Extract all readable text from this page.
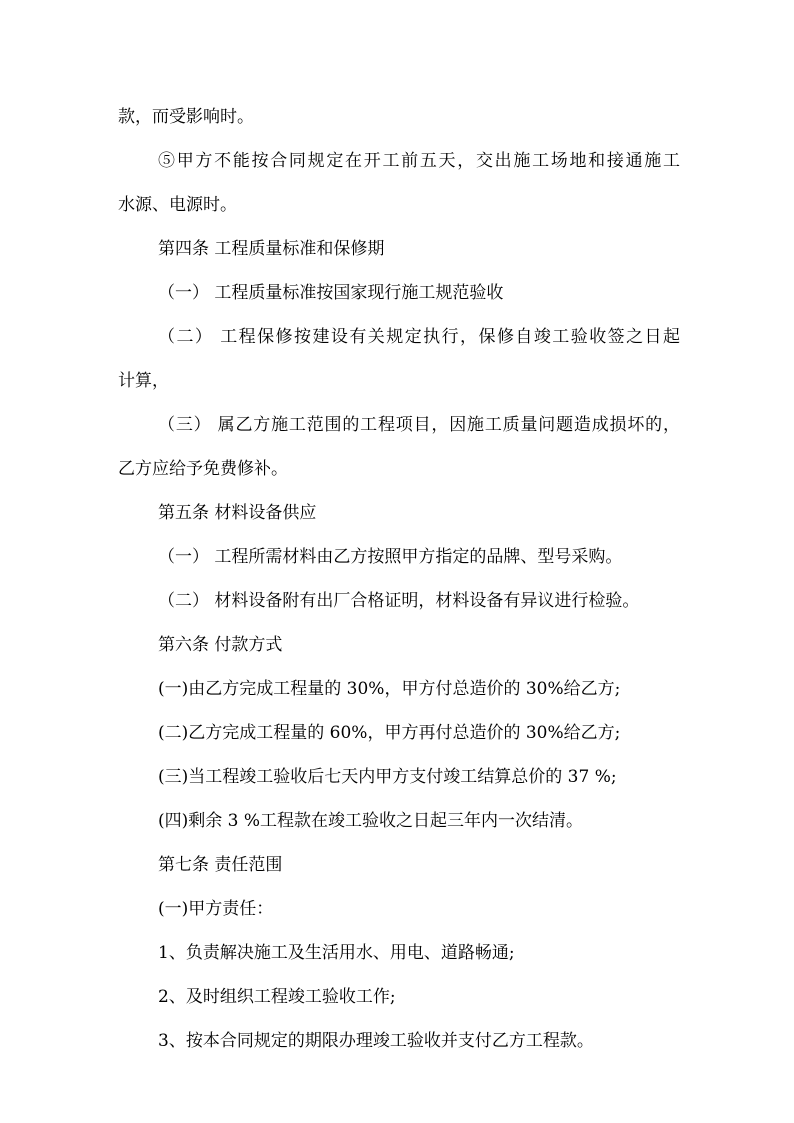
款，而受影响时。
⑤甲方不能按合同规定在开工前五天，交出施工场地和接通施工
水源、电源时。
第四条 工程质量标准和保修期
（一） 工程质量标准按国家现行施工规范验收
（二） 工程保修按建设有关规定执行，保修自竣工验收签之日起
计算，
（三） 属乙方施工范围的工程项目，因施工质量问题造成损坏的，
乙方应给予免费修补。
第五条 材料设备供应
（一） 工程所需材料由乙方按照甲方指定的品牌、型号采购。
（二） 材料设备附有出厂合格证明，材料设备有异议进行检验。
第六条 付款方式
(一)由乙方完成工程量的 30%，甲方付总造价的 30%给乙方;
(二)乙方完成工程量的 60%，甲方再付总造价的 30%给乙方;
(三)当工程竣工验收后七天内甲方支付竣工结算总价的 37 %;
(四)剩余 3 %工程款在竣工验收之日起三年内一次结清。
第七条 责任范围
(一)甲方责任：
1、负责解决施工及生活用水、用电、道路畅通;
2、及时组织工程竣工验收工作;
3、按本合同规定的期限办理竣工验收并支付乙方工程款。
